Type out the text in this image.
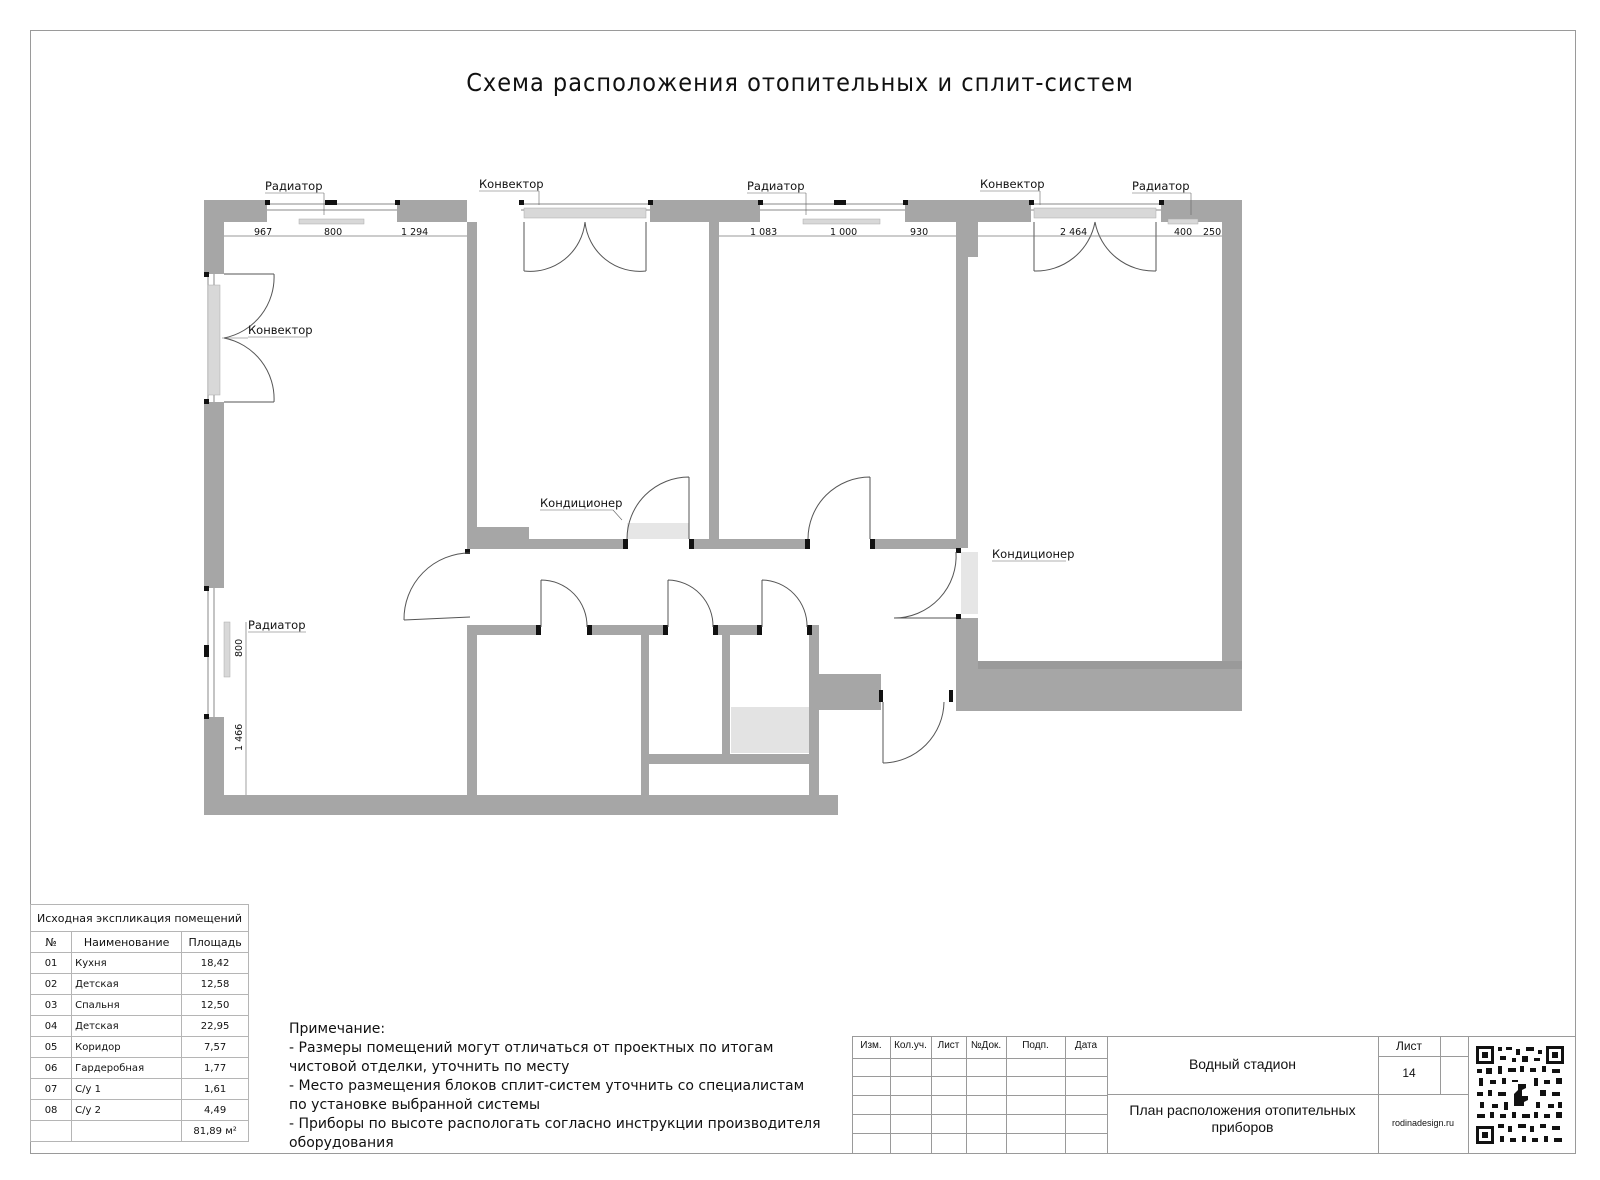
Схема расположения отопительных и сплит-систем
967	800	1 294	1 083	1 000	930	2 464	400 250
800
1 466
Радиатор	Конвектор	Радиатор	Конвектор	Радиатор
Конвектор
Кондиционер
Кондиционер
Радиатор
Исходная экспликация помещений		
№	Наименование	Площадь
01	Кухня	18,42
02	Детская	12,58
03	Спальня	12,50
04	Детская	22,95
05	Коридор	7,57
06	Гардеробная	1,77
07	С/у 1	1,61
08	С/у 2	4,49
		81,89 м²
Примечание:
- Размеры помещений могут отличаться от проектных по итогам
чистовой отделки, уточнить по месту
- Место размещения блоков сплит-систем уточнить со специалистам
по установке выбранной системы
- Приборы по высоте распологать согласно инструкции производителя
оборудования
Изм.	Кол.уч.	Лист	№Док.	Подп.	Дата
Водный стадион
План расположения отопительных приборов
Лист
14
rodinadesign.ru
